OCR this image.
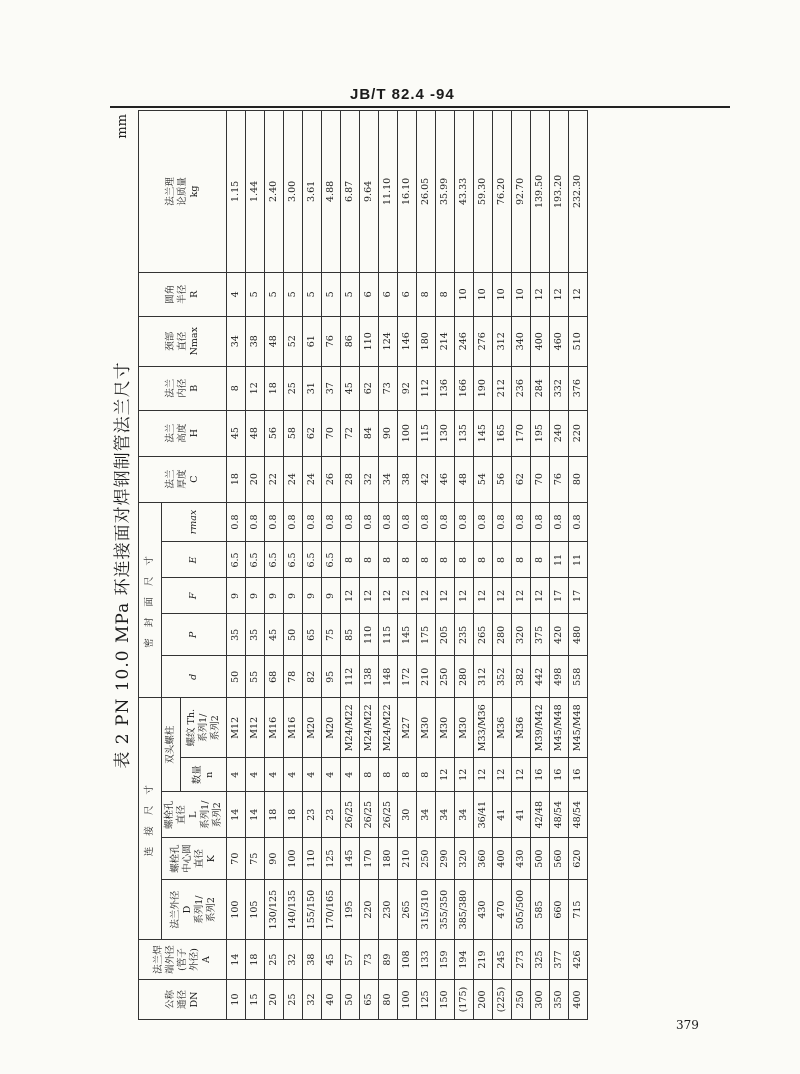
JB/T 82.4 -94
表 2 PN 10.0 MPa 环连接面对焊钢制管法兰尺寸
mm
公称
通径
DN	法兰焊
端外径
(管子
外径)
A	连 接 尺 寸					密 封 面 尺 寸					法兰
厚度
C	法兰
高度
H	法兰
内径
B	颈部
直径
Nmax	圆角
半径
R	法兰理
论质量
kg
		法兰外径
D
系列1/
系列2	螺栓孔
中心圆
直径
K	螺栓孔
直径
L
系列1/
系列2	双头螺柱		d	P	F	E	rmax						
					数量
n	螺纹 Th.
系列1/
系列2											
10	14	100	70	14	4	M12	50	35	9	6.5	0.8	18	45	8	34	4	1.15
15	18	105	75	14	4	M12	55	35	9	6.5	0.8	20	48	12	38	5	1.44
20	25	130/125	90	18	4	M16	68	45	9	6.5	0.8	22	56	18	48	5	2.40
25	32	140/135	100	18	4	M16	78	50	9	6.5	0.8	24	58	25	52	5	3.00
32	38	155/150	110	23	4	M20	82	65	9	6.5	0.8	24	62	31	61	5	3.61
40	45	170/165	125	23	4	M20	95	75	9	6.5	0.8	26	70	37	76	5	4.88
50	57	195	145	26/25	4	M24/M22	112	85	12	8	0.8	28	72	45	86	5	6.87
65	73	220	170	26/25	8	M24/M22	138	110	12	8	0.8	32	84	62	110	6	9.64
80	89	230	180	26/25	8	M24/M22	148	115	12	8	0.8	34	90	73	124	6	11.10
100	108	265	210	30	8	M27	172	145	12	8	0.8	38	100	92	146	6	16.10
125	133	315/310	250	34	8	M30	210	175	12	8	0.8	42	115	112	180	8	26.05
150	159	355/350	290	34	12	M30	250	205	12	8	0.8	46	130	136	214	8	35.99
(175)	194	385/380	320	34	12	M30	280	235	12	8	0.8	48	135	166	246	10	43.33
200	219	430	360	36/41	12	M33/M36	312	265	12	8	0.8	54	145	190	276	10	59.30
(225)	245	470	400	41	12	M36	352	280	12	8	0.8	56	165	212	312	10	76.20
250	273	505/500	430	41	12	M36	382	320	12	8	0.8	62	170	236	340	10	92.70
300	325	585	500	42/48	16	M39/M42	442	375	12	8	0.8	70	195	284	400	12	139.50
350	377	660	560	48/54	16	M45/M48	498	420	17	11	0.8	76	240	332	460	12	193.20
400	426	715	620	48/54	16	M45/M48	558	480	17	11	0.8	80	220	376	510	12	232.30
379
